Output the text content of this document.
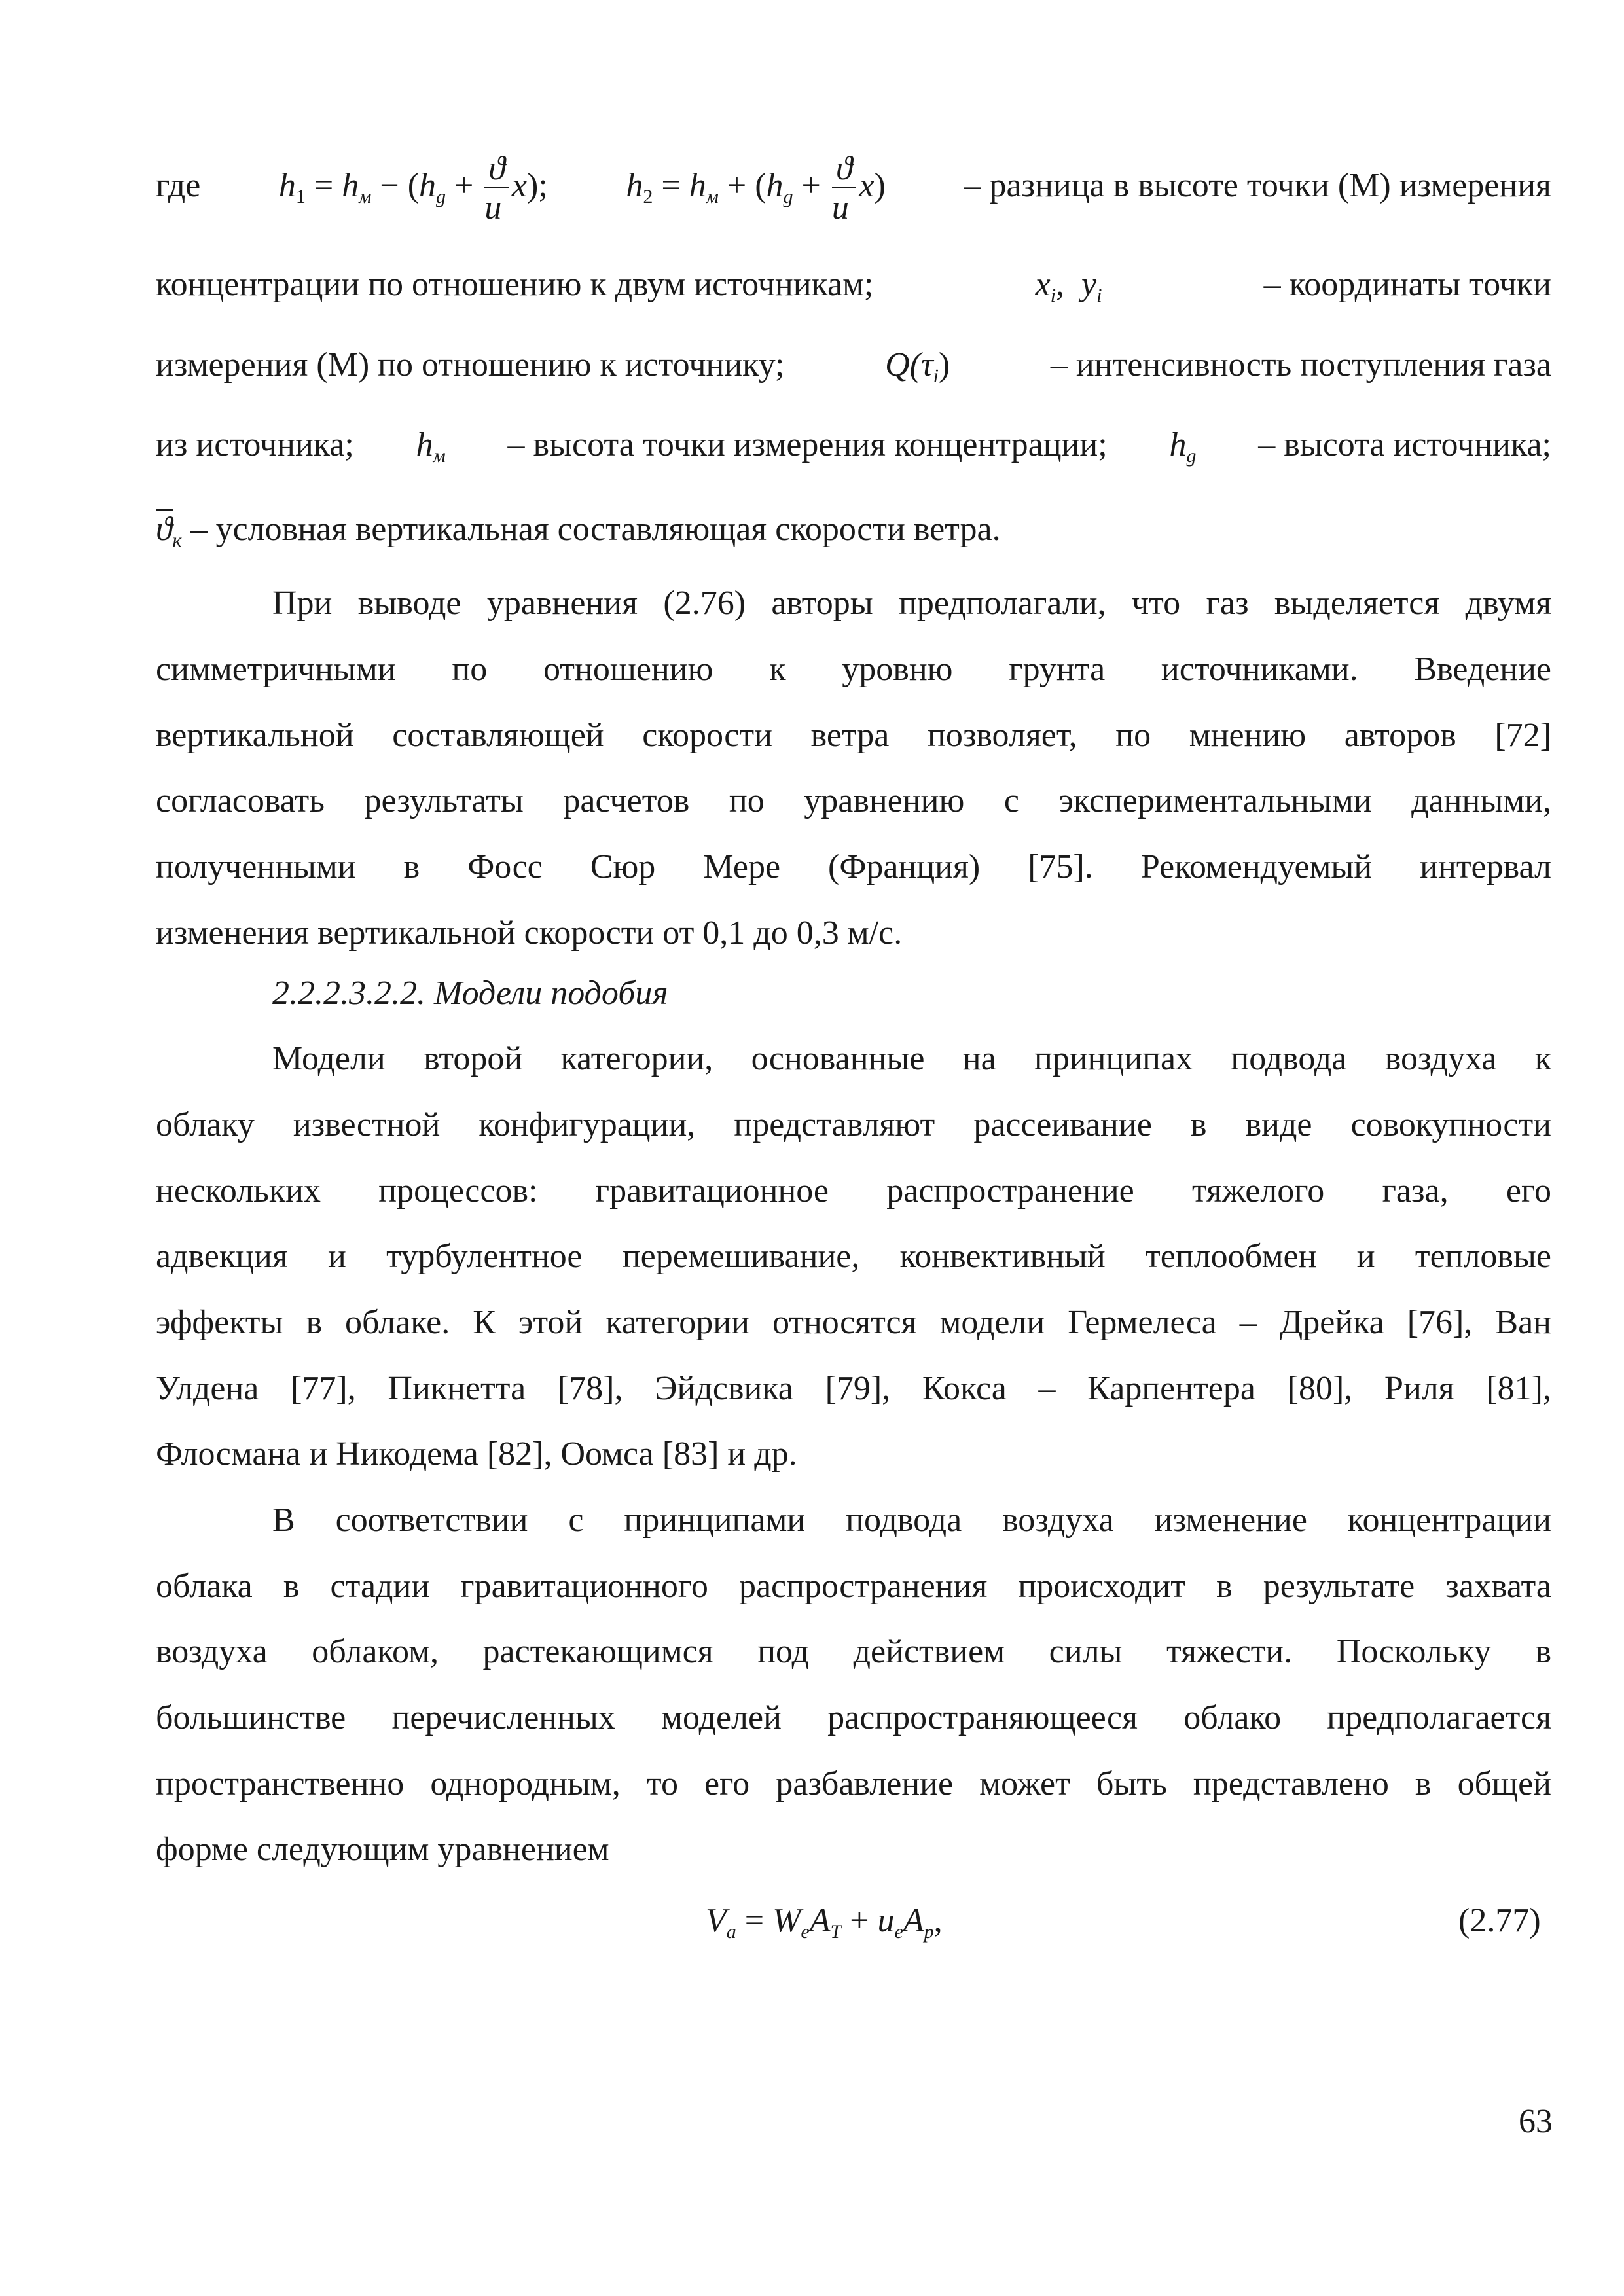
где $h_1 = h_м - (h_g + \frac{ϑ}{u} x)$; $h_2 = h_м + (h_g + \frac{ϑ}{u} x)$ – разница в высоте точки (М) измерения
концентрации по отношению к двум источникам;	$x_i$, $y_i$	– координаты точки
измерения (М) по отношению к источнику;	$Q(\tau_i)$	– интенсивность поступления газа
из источника; $h_м$ – высота точки измерения концентрации; $h_g$ – высота источника;
$ϑ_к$ – условная вертикальная составляющая скорости ветра.
При выводе уравнения (2.76) авторы предполагали, что газ выделяется двумя
симметричными по отношению к уровню грунта источниками. Введение
вертикальной составляющей скорости ветра позволяет, по мнению авторов [72]
согласовать результаты расчетов по уравнению с экспериментальными данными,
полученными в Фосс Сюр Мере (Франция) [75]. Рекомендуемый интервал
изменения вертикальной скорости от 0,1 до 0,3 м/с.
2.2.2.3.2.2. Модели подобия
Модели второй категории, основанные на принципах подвода воздуха к
облаку известной конфигурации, представляют рассеивание в виде совокупности
нескольких процессов: гравитационное распространение тяжелого газа, его
адвекция и турбулентное перемешивание, конвективный теплообмен и тепловые
эффекты в облаке. К этой категории относятся модели Гермелеса – Дрейка [76], Ван
Улдена [77], Пикнетта [78], Эйдсвика [79], Кокса – Карпентера [80], Риля [81],
Флосмана и Никодема [82], Оомса [83] и др.
В соответствии с принципами подвода воздуха изменение концентрации
облака в стадии гравитационного распространения происходит в результате захвата
воздуха облаком, растекающимся под действием силы тяжести. Поскольку в
большинстве перечисленных моделей распространяющееся облако предполагается
пространственно однородным, то его разбавление может быть представлено в общей
форме следующим уравнением
$V_a = W_eA_T + u_eA_p$,	(2.77)
63
